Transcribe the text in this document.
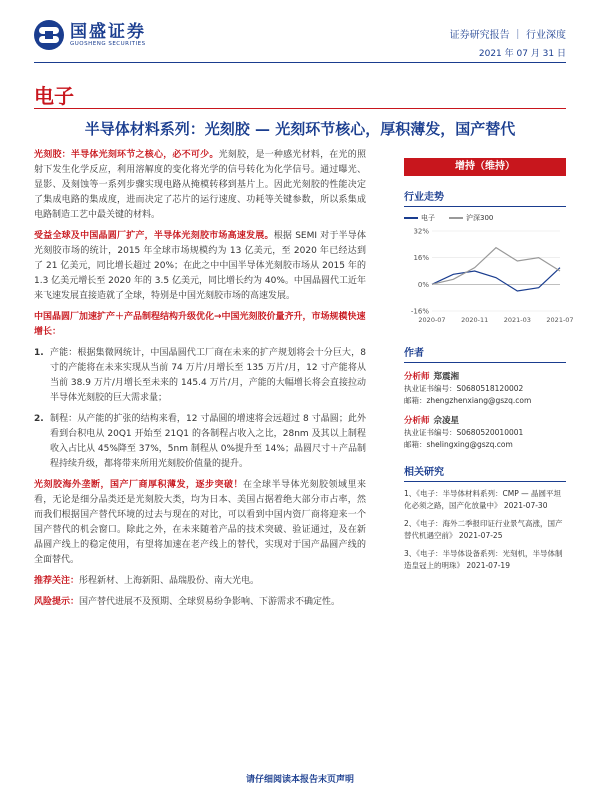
国盛证券
GUOSHENG SECURITIES
证券研究报告 ｜ 行业深度
2021 年 07 月 31 日
电子
半导体材料系列：光刻胶 — 光刻环节核心，厚积薄发，国产替代

光刻胶：半导体光刻环节之核心，必不可少。光刻胶，是一种感光材料，在光的照射下发生化学反应，利用溶解度的变化将光学的信号转化为化学信号。通过曝光、显影、及刻蚀等一系列步骤实现电路从掩模转移到基片上。因此光刻胶的性能决定了集成电路的集成度，进而决定了芯片的运行速度、功耗等关键参数，所以系集成电路制造工艺中最关键的材料。

受益全球及中国晶圆厂扩产，半导体光刻胶市场高速发展。根据 SEMI 对于半导体光刻胶市场的统计，2015 年全球市场规模约为 13 亿美元，至 2020 年已经达到了 21 亿美元，同比增长超过 20%；在此之中中国半导体光刻胶市场从 2015 年的 1.3 亿美元增长至 2020 年的 3.5 亿美元，同比增长约为 40%。中国晶圆代工近年来飞速发展直接造就了全球，特别是中国光刻胶市场的高速发展。

中国晶圆厂加速扩产＋产品制程结构升级优化→中国光刻胶价量齐升，市场规模快速增长：

1. 产能：根据集微网统计，中国晶圆代工厂商在未来的扩产规划将会十分巨大，8 寸的产能将在未来实现从当前 74 万片/月增长至 135 万片/月，12 寸产能将从当前 38.9 万片/月增长至未来的 145.4 万片/月，产能的大幅增长将会直接拉动半导体光刻胶的巨大需求量；
2. 制程：从产能的扩张的结构来看，12 寸晶圆的增速将会远超过 8 寸晶圆；此外看到台积电从 20Q1 开始至 21Q1 的各制程占收入之比，28nm 及其以上制程收入占比从 45%降至 37%，5nm 制程从 0%提升至 14%；晶圆尺寸＋产品制程持续升级，都将带来所用光刻胶价值量的提升。

光刻胶海外垄断，国产厂商厚积薄发，逐步突破！在全球半导体光刻胶领域里来看，无论是细分品类还是光刻胶大类，均为日本、美国占据着绝大部分市占率，然而我们根据国产替代环境的过去与现在的对比，可以看到中国内资厂商将迎来一个国产替代的机会窗口。除此之外，在未来随着产品的技术突破、验证通过，及在新晶圆产线上的稳定使用，有望将加速在老产线上的替代，实现对于国产晶圆产线的全面替代。

推荐关注：彤程新材、上海新阳、晶瑞股份、南大光电。

风险提示：国产替代进展不及预期、全球贸易纷争影响、下游需求不确定性。

增持（维持）
行业走势
电子	沪深300
-16%
0%
16%
32%
2020-07 2020-11 2021-03 2021-07
作者
分析师 郑震湘
执业证书编号：S0680518120002
邮箱：zhengzhenxiang@gszq.com
分析师 佘凌星
执业证书编号：S0680520010001
邮箱：shelingxing@gszq.com
相关研究
1、《电子：半导体材料系列：CMP — 晶圆平坦化必须之路，国产化放量中》 2021-07-30
2、《电子：海外二季报印证行业景气高涨，国产替代机遇空前》 2021-07-25
3、《电子：半导体设备系列：光刻机，半导体制造皇冠上的明珠》 2021-07-19
请仔细阅读本报告末页声明
